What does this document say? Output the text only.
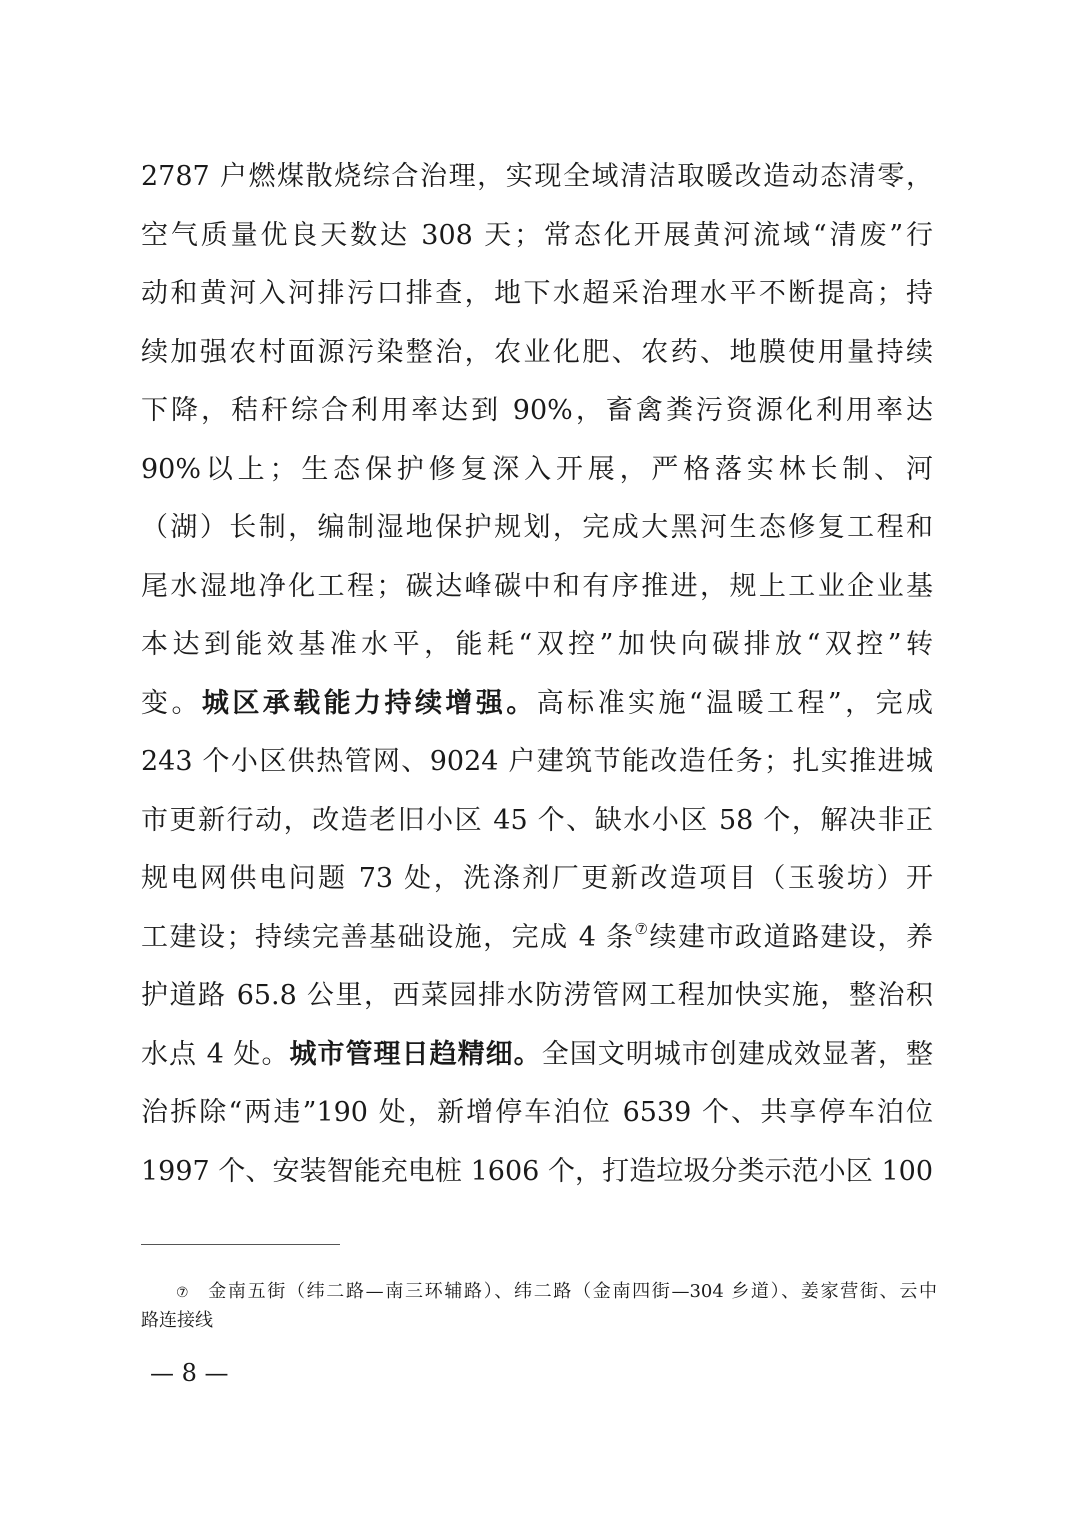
2787 户燃煤散烧综合治理，实现全域清洁取暖改造动态清零，
空气质量优良天数达 308 天；常态化开展黄河流域“清废”行
动和黄河入河排污口排查，地下水超采治理水平不断提高；持
续加强农村面源污染整治，农业化肥、农药、地膜使用量持续
下降，秸秆综合利用率达到 90%，畜禽粪污资源化利用率达
90%以上；生态保护修复深入开展，严格落实林长制、河
（湖）长制，编制湿地保护规划，完成大黑河生态修复工程和
尾水湿地净化工程；碳达峰碳中和有序推进，规上工业企业基
本达到能效基准水平，能耗“双控”加快向碳排放“双控”转
变。城区承载能力持续增强。高标准实施“温暖工程”，完成
243 个小区供热管网、9024 户建筑节能改造任务；扎实推进城
市更新行动，改造老旧小区 45 个、缺水小区 58 个，解决非正
规电网供电问题 73 处，洗涤剂厂更新改造项目（玉骏坊）开
工建设；持续完善基础设施，完成 4 条⑦续建市政道路建设，养
护道路 65.8 公里，西菜园排水防涝管网工程加快实施，整治积
水点 4 处。城市管理日趋精细。全国文明城市创建成效显著，整
治拆除“两违”190 处，新增停车泊位 6539 个、共享停车泊位
1997 个、安装智能充电桩 1606 个，打造垃圾分类示范小区 100
⑦ 金南五街（纬二路—南三环辅路）、纬二路（金南四街—304 乡道）、姜家营街、云中
路连接线
— 8 —
